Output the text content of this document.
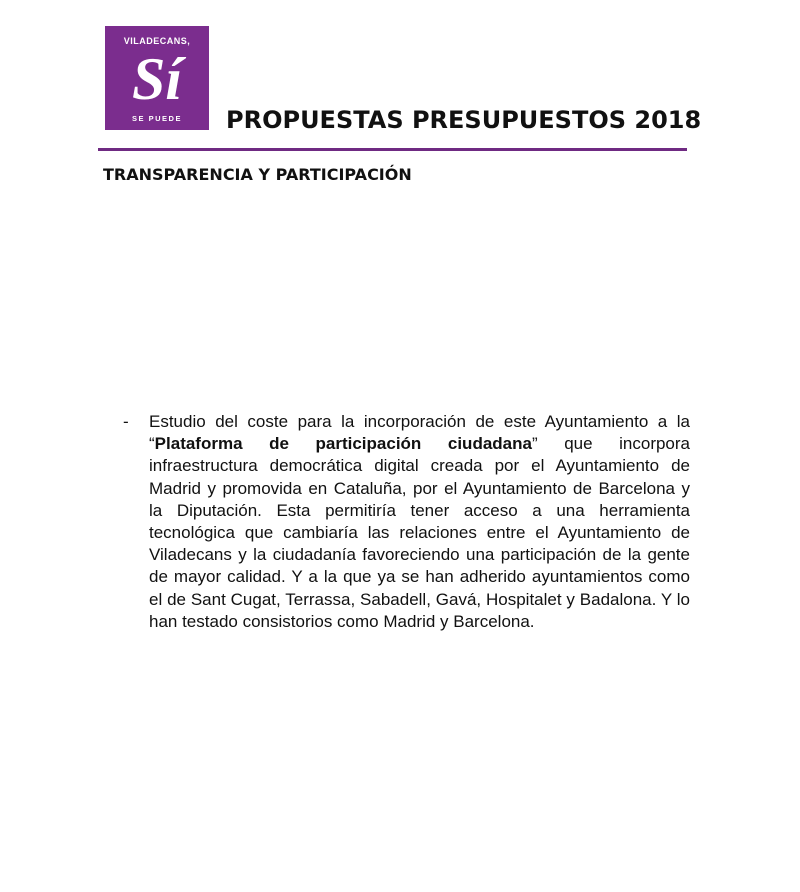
VILADECANS,
Sí
SE PUEDE	PROPUESTAS PRESUPUESTOS 2018
TRANSPARENCIA Y PARTICIPACIÓN
- Estudio del coste para la incorporación de este Ayuntamiento a la “Plataforma de participación ciudadana” que incorpora infraestructura democrática digital creada por el Ayuntamiento de Madrid y promovida en Cataluña, por el Ayuntamiento de Barcelona y la Diputación. Esta permitiría tener acceso a una herramienta tecnológica que cambiaría las relaciones entre el Ayuntamiento de Viladecans y la ciudadanía favoreciendo una participación de la gente de mayor calidad. Y a la que ya se han adherido ayuntamientos como el de Sant Cugat, Terrassa, Sabadell, Gavá, Hospitalet y Badalona. Y lo han testado consistorios como Madrid y Barcelona.
